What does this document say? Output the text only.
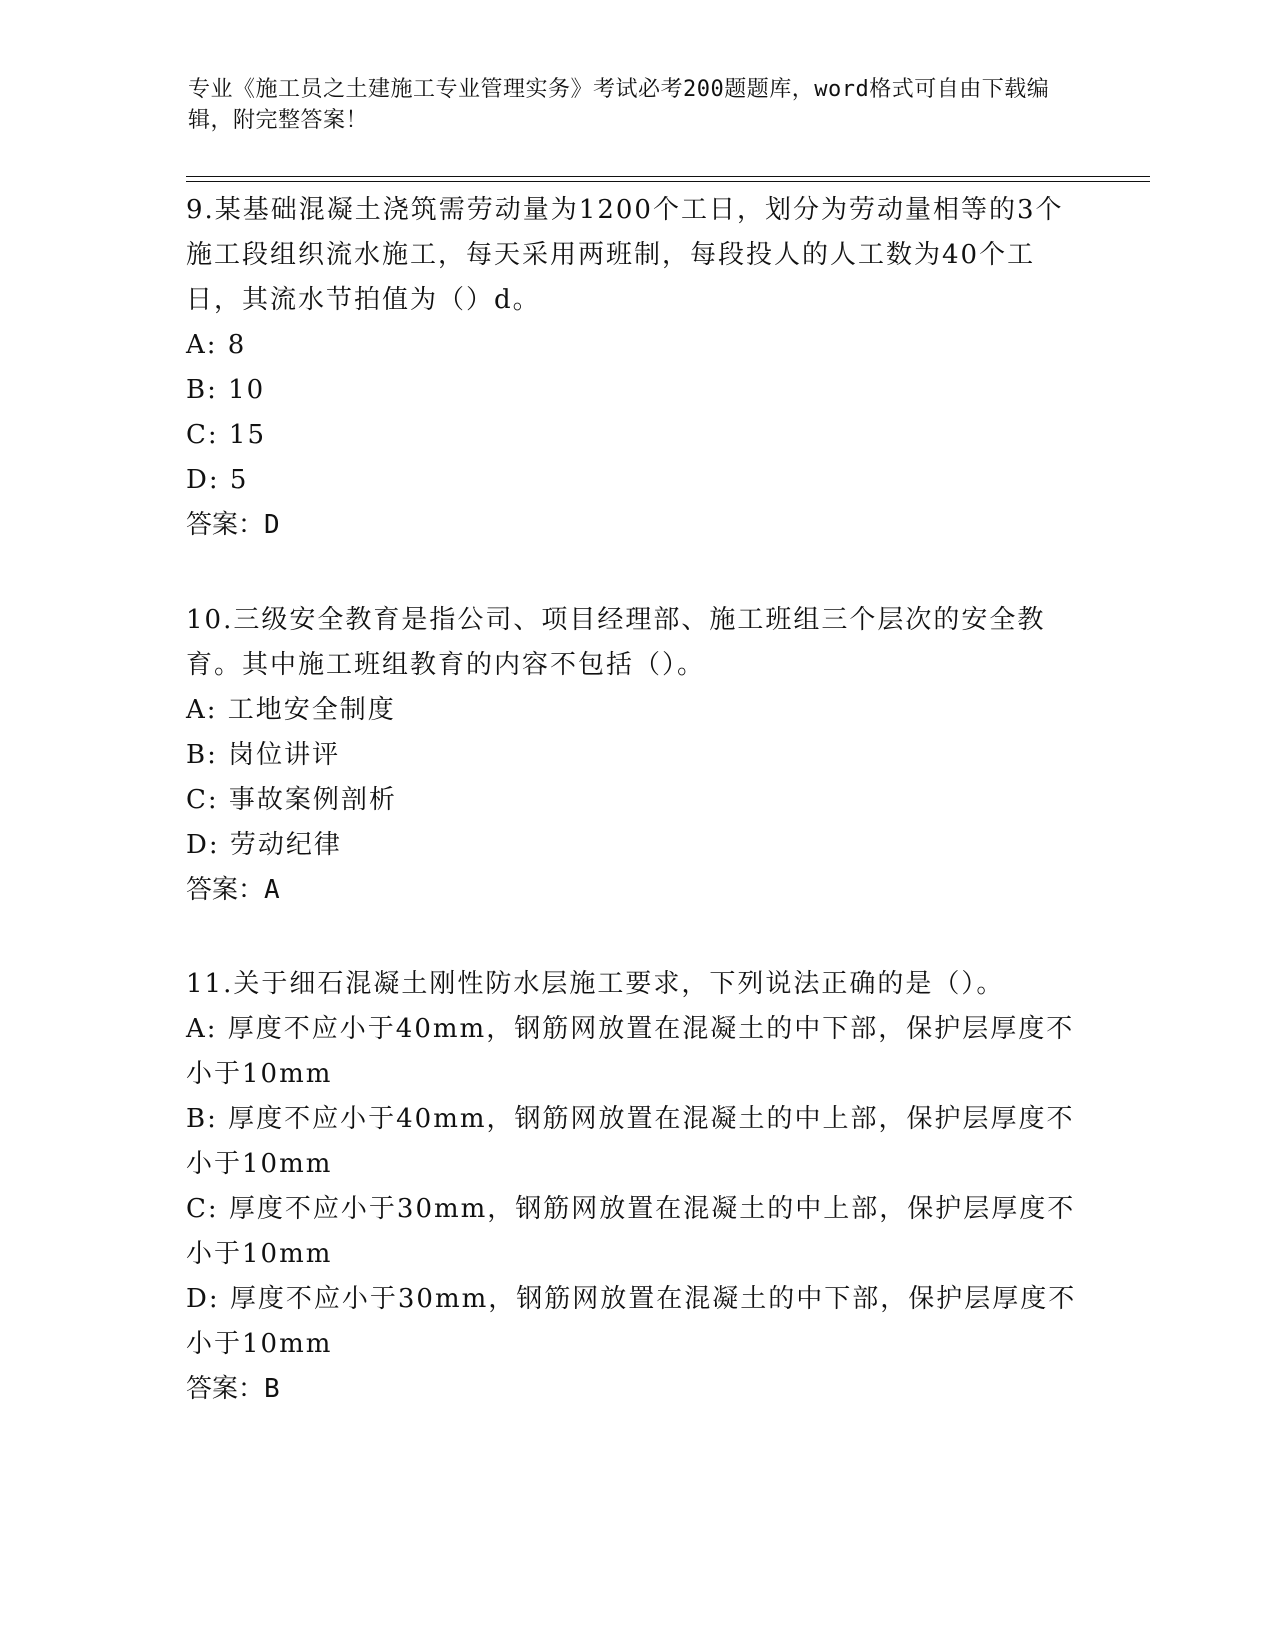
专业《施工员之土建施工专业管理实务》考试必考200题题库，word格式可自由下载编辑，附完整答案！

9.某基础混凝土浇筑需劳动量为1200个工日，划分为劳动量相等的3个施工段组织流水施工，每天采用两班制，每段投人的人工数为40个工日，其流水节拍值为（）d。

A: 8

B: 10

C: 15

D: 5

答案：D

10.三级安全教育是指公司、项目经理部、施工班组三个层次的安全教育。其中施工班组教育的内容不包括（）。

A: 工地安全制度

B: 岗位讲评

C: 事故案例剖析

D: 劳动纪律

答案：A

11.关于细石混凝土刚性防水层施工要求，下列说法正确的是（）。

A: 厚度不应小于40mm，钢筋网放置在混凝土的中下部，保护层厚度不小于10mm

B: 厚度不应小于40mm，钢筋网放置在混凝土的中上部，保护层厚度不小于10mm

C: 厚度不应小于30mm，钢筋网放置在混凝土的中上部，保护层厚度不小于10mm

D: 厚度不应小于30mm，钢筋网放置在混凝土的中下部，保护层厚度不小于10mm

答案：B
